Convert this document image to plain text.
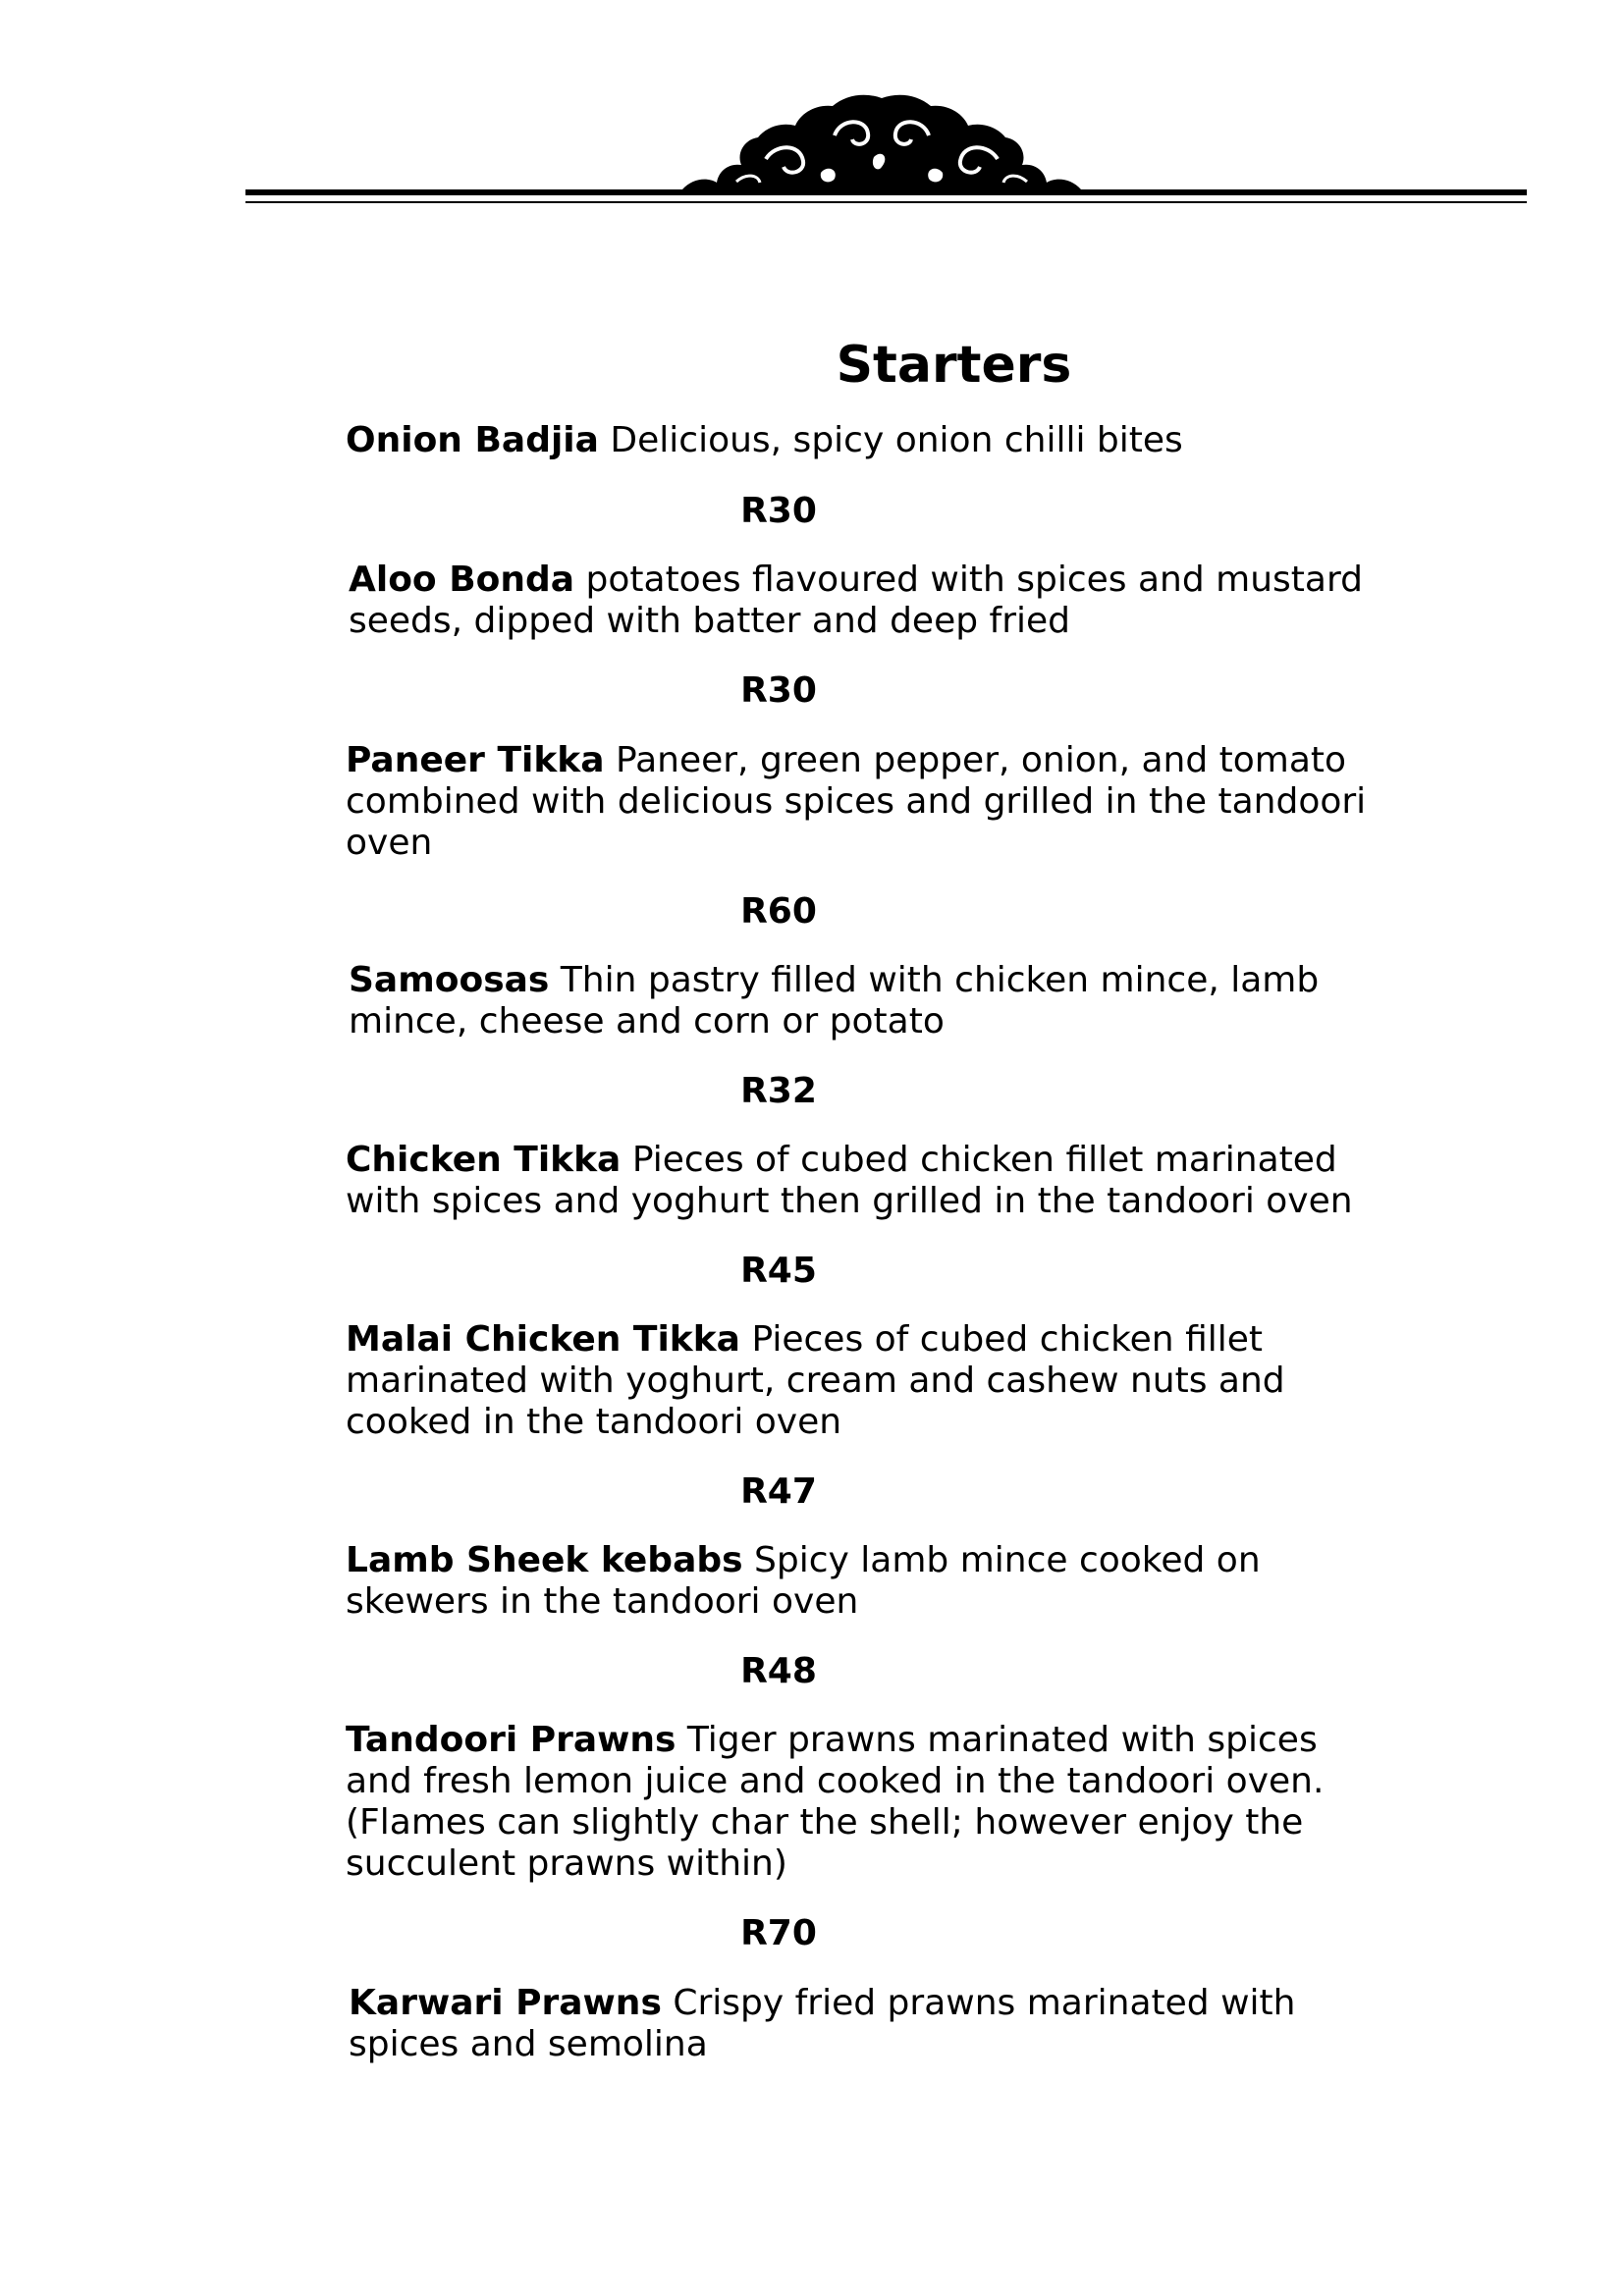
Starters

Onion Badjia Delicious, spicy onion chilli bites

R30

Aloo Bonda potatoes flavoured with spices and mustard seeds, dipped with batter and deep fried

R30

Paneer Tikka Paneer, green pepper, onion, and tomato combined with delicious spices and grilled in the tandoori oven

R60

Samoosas Thin pastry filled with chicken mince, lamb mince, cheese and corn or potato

R32

Chicken Tikka Pieces of cubed chicken fillet marinated with spices and yoghurt then grilled in the tandoori oven

R45

Malai Chicken Tikka Pieces of cubed chicken fillet marinated with yoghurt, cream and cashew nuts and cooked in the tandoori oven

R47

Lamb Sheek kebabs Spicy lamb mince cooked on skewers in the tandoori oven

R48

Tandoori Prawns Tiger prawns marinated with spices and fresh lemon juice and cooked in the tandoori oven. (Flames can slightly char the shell; however enjoy the succulent prawns within)

R70

Karwari Prawns Crispy fried prawns marinated with spices and semolina
